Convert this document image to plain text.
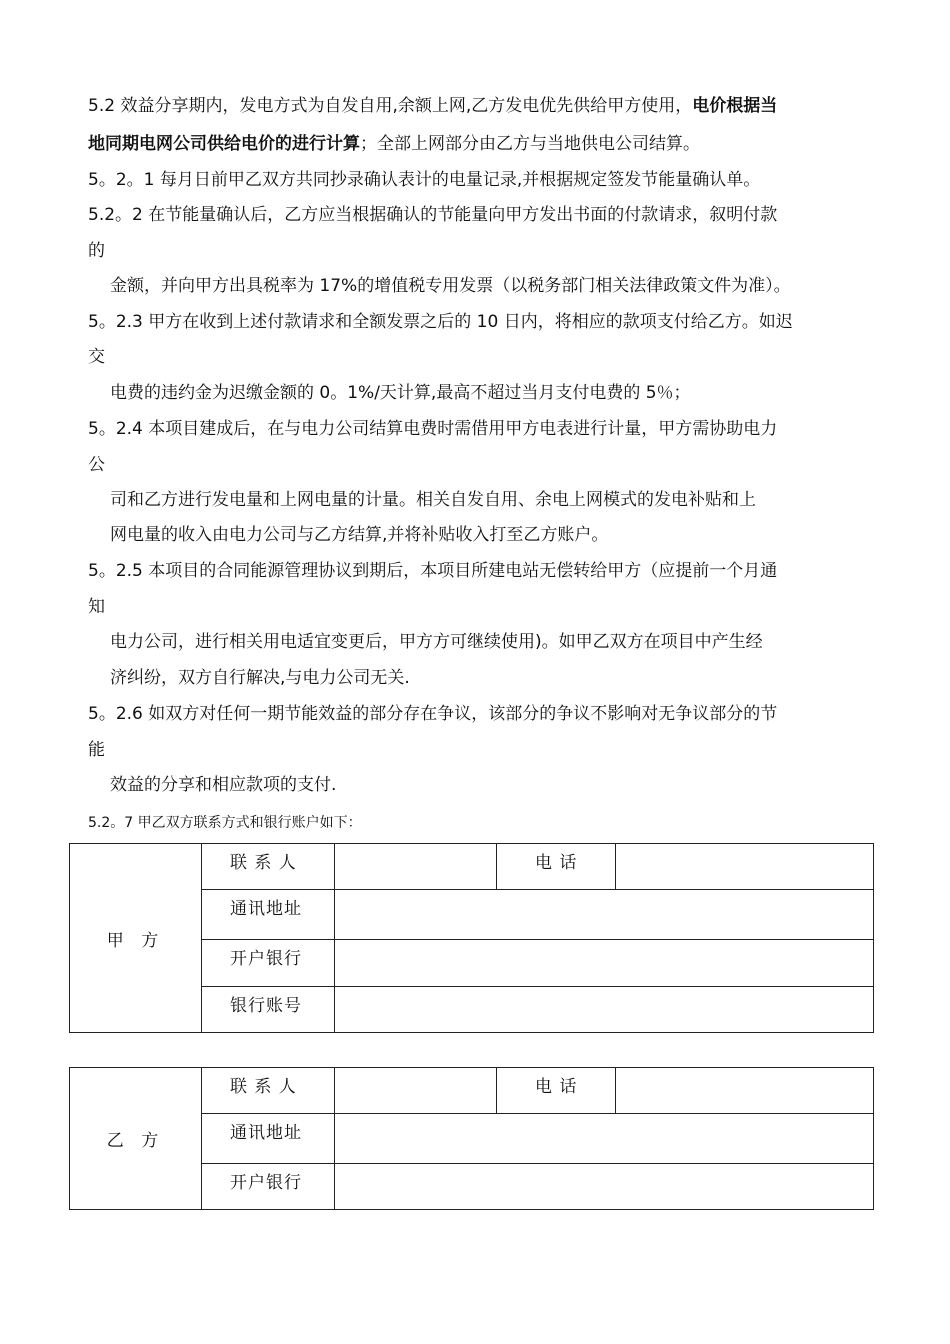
5.2 效益分享期内，发电方式为自发自用,余额上网,乙方发电优先供给甲方使用，电价根据当

地同期电网公司供给电价的进行计算；全部上网部分由乙方与当地供电公司结算。

5。2。1 每月日前甲乙双方共同抄录确认表计的电量记录,并根据规定签发节能量确认单。

5.2。2 在节能量确认后，乙方应当根据确认的节能量向甲方发出书面的付款请求，叙明付款

的

金额，并向甲方出具税率为 17%的增值税专用发票（以税务部门相关法律政策文件为准）。

5。2.3 甲方在收到上述付款请求和全额发票之后的 10 日内，将相应的款项支付给乙方。如迟

交

电费的违约金为迟缴金额的 0。1%/天计算,最高不超过当月支付电费的 5％；

5。2.4 本项目建成后，在与电力公司结算电费时需借用甲方电表进行计量，甲方需协助电力

公

司和乙方进行发电量和上网电量的计量。相关自发自用、余电上网模式的发电补贴和上

网电量的收入由电力公司与乙方结算,并将补贴收入打至乙方账户。

5。2.5 本项目的合同能源管理协议到期后，本项目所建电站无偿转给甲方（应提前一个月通

知

电力公司，进行相关用电适宜变更后，甲方方可继续使用)。如甲乙双方在项目中产生经

济纠纷，双方自行解决,与电力公司无关.

5。2.6 如双方对任何一期节能效益的部分存在争议，该部分的争议不影响对无争议部分的节

能

效益的分享和相应款项的支付.

5.2。7 甲乙双方联系方式和银行账户如下：

甲 方	联 系 人		电 话	

	通讯地址			

	开户银行			

	银行账号			

乙 方	联 系 人		电 话	

	通讯地址			

	开户银行			
